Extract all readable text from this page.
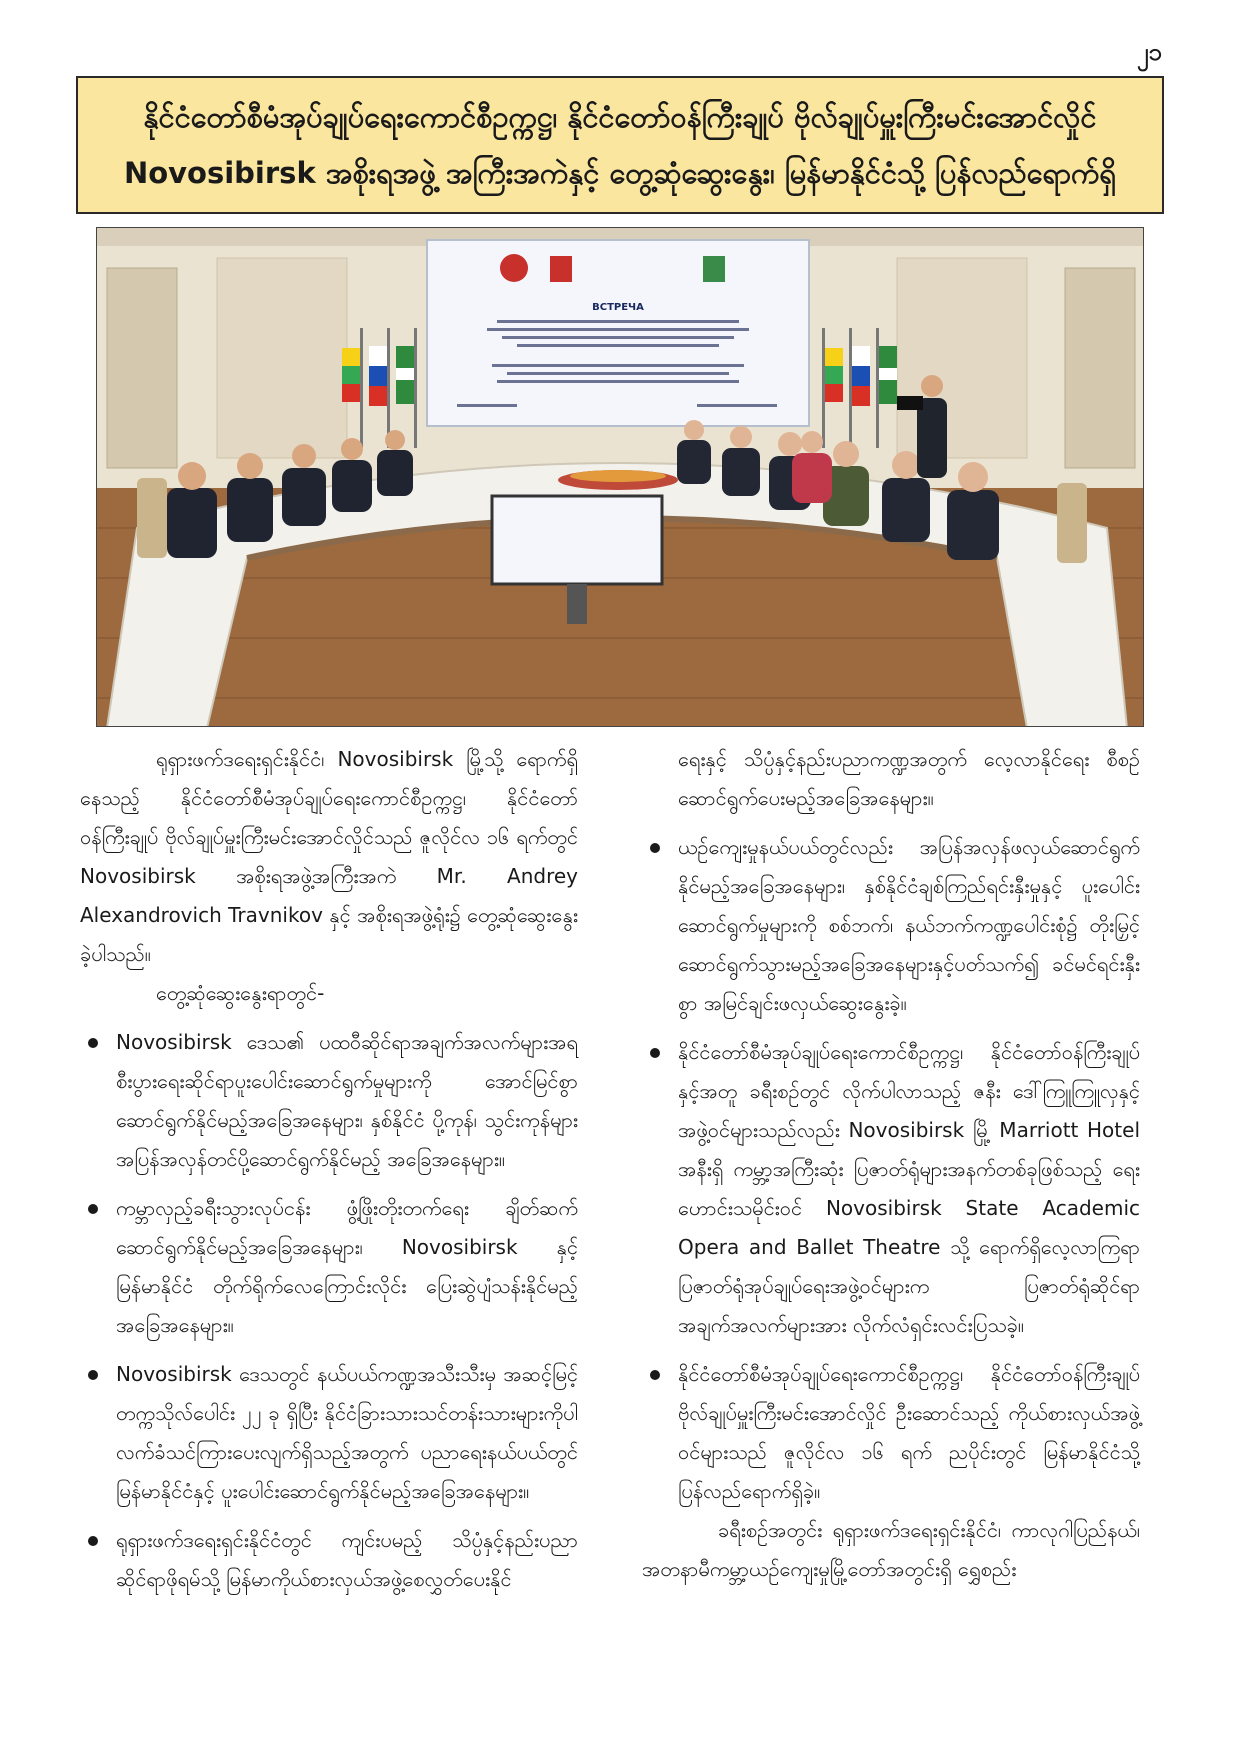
၂၁
နိုင်ငံတော်စီမံအုပ်ချုပ်ရေးကောင်စီဥက္ကဋ္ဌ၊ နိုင်ငံတော်ဝန်ကြီးချုပ် ဗိုလ်ချုပ်မှူးကြီးမင်းအောင်လှိုင်
Novosibirsk အစိုးရအဖွဲ့ အကြီးအကဲနှင့် တွေ့ဆုံဆွေးနွေး၊ မြန်မာနိုင်ငံသို့ ပြန်လည်ရောက်ရှိ
ВСТРЕЧА

ရုရှားဖက်ဒရေးရှင်းနိုင်ငံ၊ Novosibirsk မြို့သို့ ရောက်ရှိနေသည့် နိုင်ငံတော်စီမံအုပ်ချုပ်ရေးကောင်စီဥက္ကဋ္ဌ၊ နိုင်ငံတော်ဝန်ကြီးချုပ် ဗိုလ်ချုပ်မှူးကြီးမင်းအောင်လှိုင်သည် ဇူလိုင်လ ၁၆ ရက်တွင် Novosibirsk အစိုးရအဖွဲ့အကြီးအကဲ Mr. Andrey Alexandrovich Travnikov နှင့် အစိုးရအဖွဲ့ရုံး၌ တွေ့ဆုံဆွေးနွေးခဲ့ပါသည်။

တွေ့ဆုံဆွေးနွေးရာတွင်-

Novosibirsk ဒေသ၏ ပထဝီဆိုင်ရာအချက်အလက်များအရ စီးပွားရေးဆိုင်ရာပူးပေါင်းဆောင်ရွက်မှုများကို အောင်မြင်စွာဆောင်ရွက်နိုင်မည့်အခြေအနေများ၊ နှစ်နိုင်ငံ ပို့ကုန်၊ သွင်းကုန်များ အပြန်အလှန်တင်ပို့ဆောင်ရွက်နိုင်မည့် အခြေအနေများ။
ကမ္ဘာလှည့်ခရီးသွားလုပ်ငန်း ဖွံ့ဖြိုးတိုးတက်ရေး ချိတ်ဆက်ဆောင်ရွက်နိုင်မည့်အခြေအနေများ၊ Novosibirsk နှင့် မြန်မာနိုင်ငံ တိုက်ရိုက်လေကြောင်းလိုင်း ပြေးဆွဲပျံသန်းနိုင်မည့် အခြေအနေများ။
Novosibirsk ဒေသတွင် နယ်ပယ်ကဏ္ဍအသီးသီးမှ အဆင့်မြင့်တက္ကသိုလ်ပေါင်း ၂၂ ခု ရှိပြီး နိုင်ငံခြားသားသင်တန်းသားများကိုပါ လက်ခံသင်ကြားပေးလျက်ရှိသည့်အတွက် ပညာရေးနယ်ပယ်တွင် မြန်မာနိုင်ငံနှင့် ပူးပေါင်းဆောင်ရွက်နိုင်မည့်အခြေအနေများ။
ရုရှားဖက်ဒရေးရှင်းနိုင်ငံတွင် ကျင်းပမည့် သိပ္ပံနှင့်နည်းပညာဆိုင်ရာဖိုရမ်သို့ မြန်မာကိုယ်စားလှယ်အဖွဲ့စေလွှတ်ပေးနိုင်

ရေးနှင့် သိပ္ပံနှင့်နည်းပညာကဏ္ဍအတွက် လေ့လာနိုင်ရေး စီစဉ်ဆောင်ရွက်ပေးမည့်အခြေအနေများ။

ယဉ်ကျေးမှုနယ်ပယ်တွင်လည်း အပြန်အလှန်ဖလှယ်ဆောင်ရွက်နိုင်မည့်အခြေအနေများ၊ နှစ်နိုင်ငံချစ်ကြည်ရင်းနှီးမှုနှင့် ပူးပေါင်းဆောင်ရွက်မှုများကို စစ်ဘက်၊ နယ်ဘက်ကဏ္ဍပေါင်းစုံ၌ တိုးမြှင့်ဆောင်ရွက်သွားမည့်အခြေအနေများနှင့်ပတ်သက်၍ ခင်မင်ရင်းနှီးစွာ အမြင်ချင်းဖလှယ်ဆွေးနွေးခဲ့။
နိုင်ငံတော်စီမံအုပ်ချုပ်ရေးကောင်စီဥက္ကဋ္ဌ၊ နိုင်ငံတော်ဝန်ကြီးချုပ်နှင့်အတူ ခရီးစဉ်တွင် လိုက်ပါလာသည့် ဇနီး ဒေါ်ကြူကြူလှနှင့် အဖွဲ့ဝင်များသည်လည်း Novosibirsk မြို့ Marriott Hotel အနီးရှိ ကမ္ဘာ့အကြီးဆုံး ပြဇာတ်ရုံများအနက်တစ်ခုဖြစ်သည့် ရေးဟောင်းသမိုင်းဝင် Novosibirsk State Academic Opera and Ballet Theatre သို့ ရောက်ရှိလေ့လာကြရာ ပြဇာတ်ရုံအုပ်ချုပ်ရေးအဖွဲ့ဝင်များက ပြဇာတ်ရုံဆိုင်ရာ အချက်အလက်များအား လိုက်လံရှင်းလင်းပြသခဲ့။
နိုင်ငံတော်စီမံအုပ်ချုပ်ရေးကောင်စီဥက္ကဋ္ဌ၊ နိုင်ငံတော်ဝန်ကြီးချုပ် ဗိုလ်ချုပ်မှူးကြီးမင်းအောင်လှိုင် ဦးဆောင်သည့် ကိုယ်စားလှယ်အဖွဲ့ဝင်များသည် ဇူလိုင်လ ၁၆ ရက် ညပိုင်းတွင် မြန်မာနိုင်ငံသို့ ပြန်လည်ရောက်ရှိခဲ့။

ခရီးစဉ်အတွင်း ရုရှားဖက်ဒရေးရှင်းနိုင်ငံ၊ ကာလုဂါပြည်နယ်၊ အတနာမီကမ္ဘာ့ယဉ်ကျေးမှုမြို့တော်အတွင်းရှိ ရွှေစည်း
